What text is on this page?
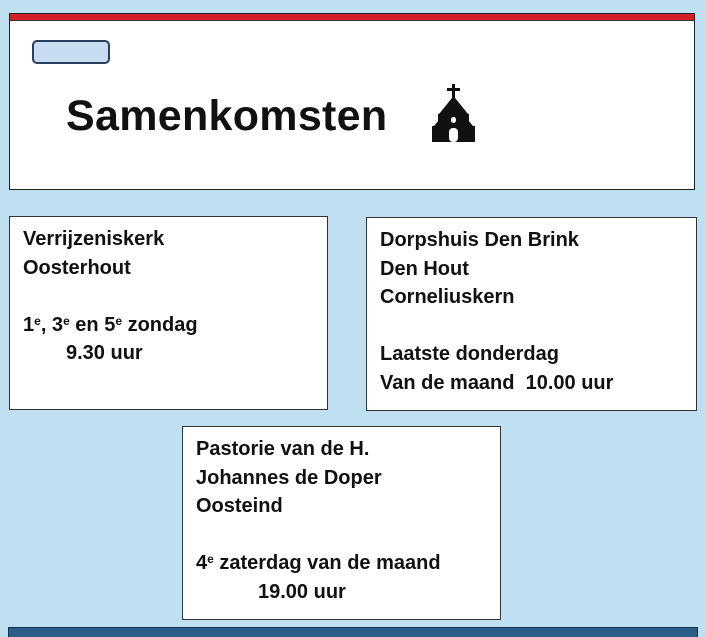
Samenkomsten
Verrijzeniskerk
Oosterhout
1e, 3e en 5e zondag
9.30 uur
Dorpshuis Den Brink
Den Hout
Corneliuskern
Laatste donderdag
Van de maand  10.00 uur
Pastorie van de H.
Johannes de Doper
Oosteind
4e zaterdag van de maand
19.00 uur
